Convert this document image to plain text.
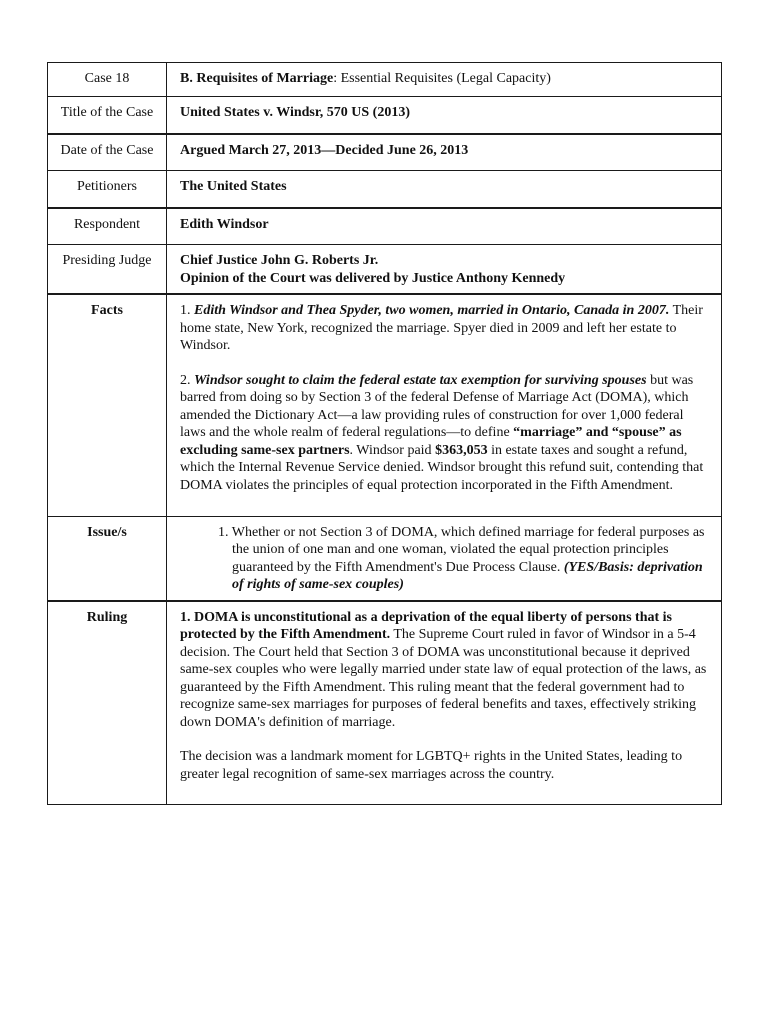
Case 18	B. Requisites of Marriage: Essential Requisites (Legal Capacity)
Title of the Case	United States v. Windsr, 570 US (2013)
Date of the Case	Argued March 27, 2013—Decided June 26, 2013
Petitioners	The United States
Respondent	Edith Windsor
Presiding Judge	Chief Justice John G. Roberts Jr.
Opinion of the Court was delivered by Justice Anthony Kennedy

Facts	1. Edith Windsor and Thea Spyder, two women, married in Ontario, Canada in 2007. Their home state, New York, recognized the marriage. Spyer died in 2009 and left her estate to Windsor.
2. Windsor sought to claim the federal estate tax exemption for surviving spouses but was barred from doing so by Section 3 of the federal Defense of Marriage Act (DOMA), which amended the Dictionary Act—a law providing rules of construction for over 1,000 federal laws and the whole realm of federal regulations—to define “marriage” and “spouse” as excluding same-sex partners. Windsor paid $363,053 in estate taxes and sought a refund, which the Internal Revenue Service denied. Windsor brought this refund suit, contending that DOMA violates the principles of equal protection incorporated in the Fifth Amendment.

Issue/s	1. Whether or not Section 3 of DOMA, which defined marriage for federal purposes as the union of one man and one woman, violated the equal protection principles guaranteed by the Fifth Amendment's Due Process Clause. (YES/Basis: deprivation of rights of same-sex couples)

Ruling	1. DOMA is unconstitutional as a deprivation of the equal liberty of persons that is protected by the Fifth Amendment. The Supreme Court ruled in favor of Windsor in a 5-4 decision. The Court held that Section 3 of DOMA was unconstitutional because it deprived same-sex couples who were legally married under state law of equal protection of the laws, as guaranteed by the Fifth Amendment. This ruling meant that the federal government had to recognize same-sex marriages for purposes of federal benefits and taxes, effectively striking down DOMA's definition of marriage.
The decision was a landmark moment for LGBTQ+ rights in the United States, leading to greater legal recognition of same-sex marriages across the country.
